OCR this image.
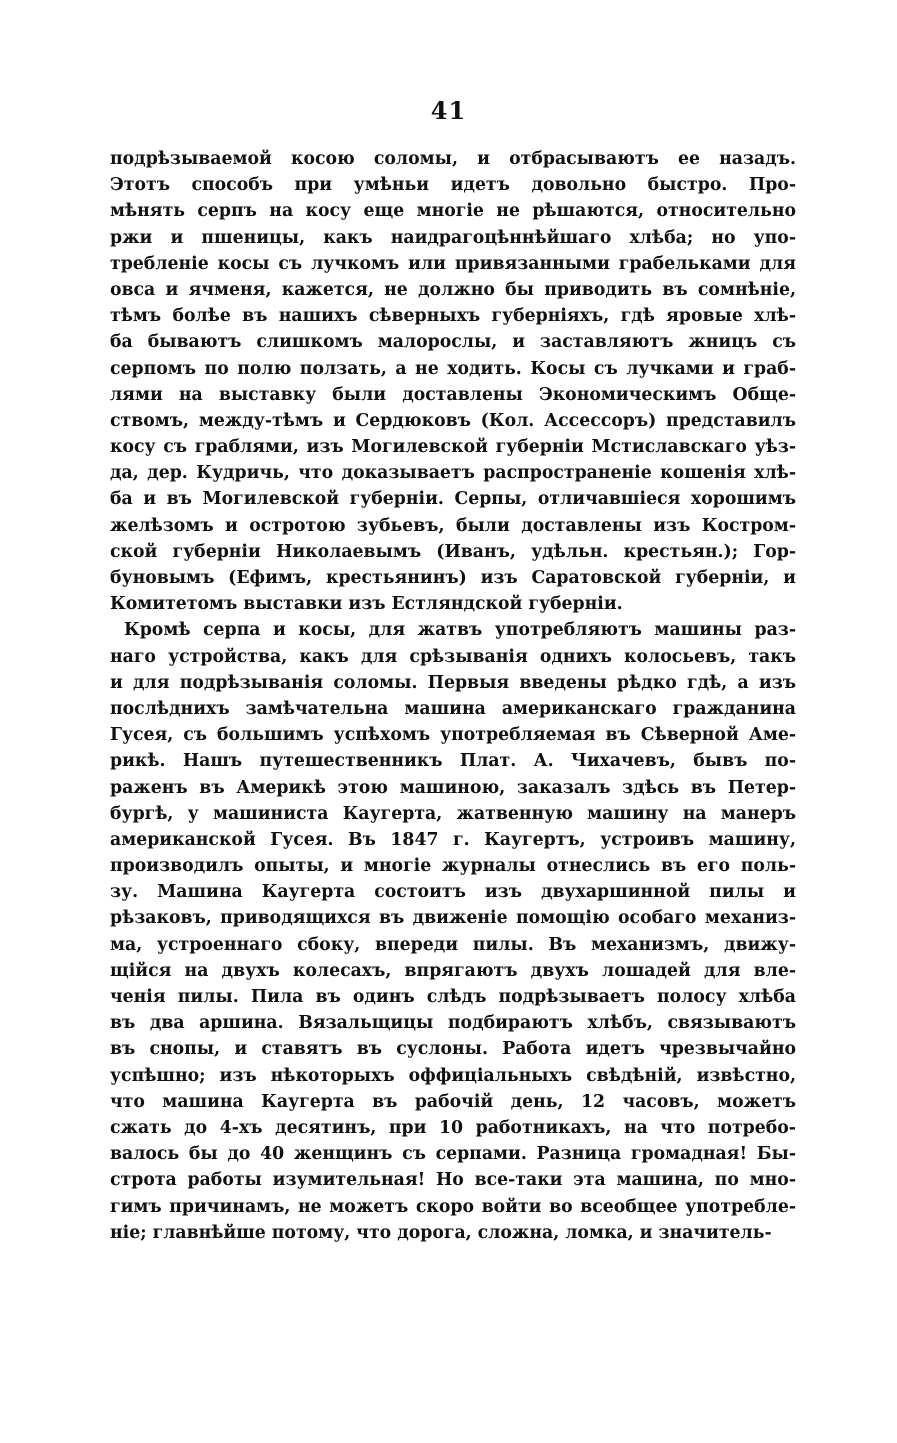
41
подрѣзываемой косою соломы, и отбрасываютъ ее назадъ.
Этотъ способъ при умѣньи идетъ довольно быстро. Про-
мѣнять серпъ на косу еще многіе не рѣшаются, относительно
ржи и пшеницы, какъ наидрагоцѣннѣйшаго хлѣба; но упо-
требленіе косы съ лучкомъ или привязанными грабельками для
овса и ячменя, кажется, не должно бы приводить въ сомнѣніе,
тѣмъ болѣе въ нашихъ сѣверныхъ губерніяхъ, гдѣ яровые хлѣ-
ба бываютъ слишкомъ малорослы, и заставляютъ жницъ съ
серпомъ по полю ползать, а не ходить. Косы съ лучками и граб-
лями на выставку были доставлены Экономическимъ Обще-
ствомъ, между-тѣмъ и Сердюковъ (Кол. Ассессоръ) представилъ
косу съ граблями, изъ Могилевской губерніи Мстиславскаго уѣз-
да, дер. Кудричь, что доказываетъ распространеніе кошенія хлѣ-
ба и въ Могилевской губерніи. Серпы, отличавшіеся хорошимъ
желѣзомъ и остротою зубьевъ, были доставлены изъ Костром-
ской губерніи Николаевымъ (Иванъ, удѣльн. крестьян.); Гор-
буновымъ (Ефимъ, крестьянинъ) изъ Саратовской губерніи, и
Комитетомъ выставки изъ Естляндской губерніи.
Кромѣ серпа и косы, для жатвъ употребляютъ машины раз-
наго устройства, какъ для срѣзыванія однихъ колосьевъ, такъ
и для подрѣзыванія соломы. Первыя введены рѣдко гдѣ, а изъ
послѣднихъ замѣчательна машина американскаго гражданина
Гусея, съ большимъ успѣхомъ употребляемая въ Сѣверной Аме-
рикѣ. Нашъ путешественникъ Плат. А. Чихачевъ, бывъ по-
раженъ въ Америкѣ этою машиною, заказалъ здѣсь въ Петер-
бургѣ, у машиниста Каугерта, жатвенную машину на манеръ
американской Гусея. Въ 1847 г. Каугертъ, устроивъ машину,
производилъ опыты, и многіе журналы отнеслись въ его поль-
зу. Машина Каугерта состоитъ изъ двухаршинной пилы и
рѣзаковъ, приводящихся въ движеніе помощію особаго механиз-
ма, устроеннаго сбоку, впереди пилы. Въ механизмъ, движу-
щійся на двухъ колесахъ, впрягаютъ двухъ лошадей для вле-
ченія пилы. Пила въ одинъ слѣдъ подрѣзываетъ полосу хлѣба
въ два аршина. Вязальщицы подбираютъ хлѣбъ, связываютъ
въ снопы, и ставятъ въ суслоны. Работа идетъ чрезвычайно
успѣшно; изъ нѣкоторыхъ оффиціальныхъ свѣдѣній, извѣстно,
что машина Каугерта въ рабочій день, 12 часовъ, можетъ
сжать до 4-хъ десятинъ, при 10 работникахъ, на что потребо-
валось бы до 40 женщинъ съ серпами. Разница громадная! Бы-
строта работы изумительная! Но все-таки эта машина, по мно-
гимъ причинамъ, не можетъ скоро войти во всеобщее употребле-
ніе; главнѣйше потому, что дорога, сложна, ломка, и значитель-
